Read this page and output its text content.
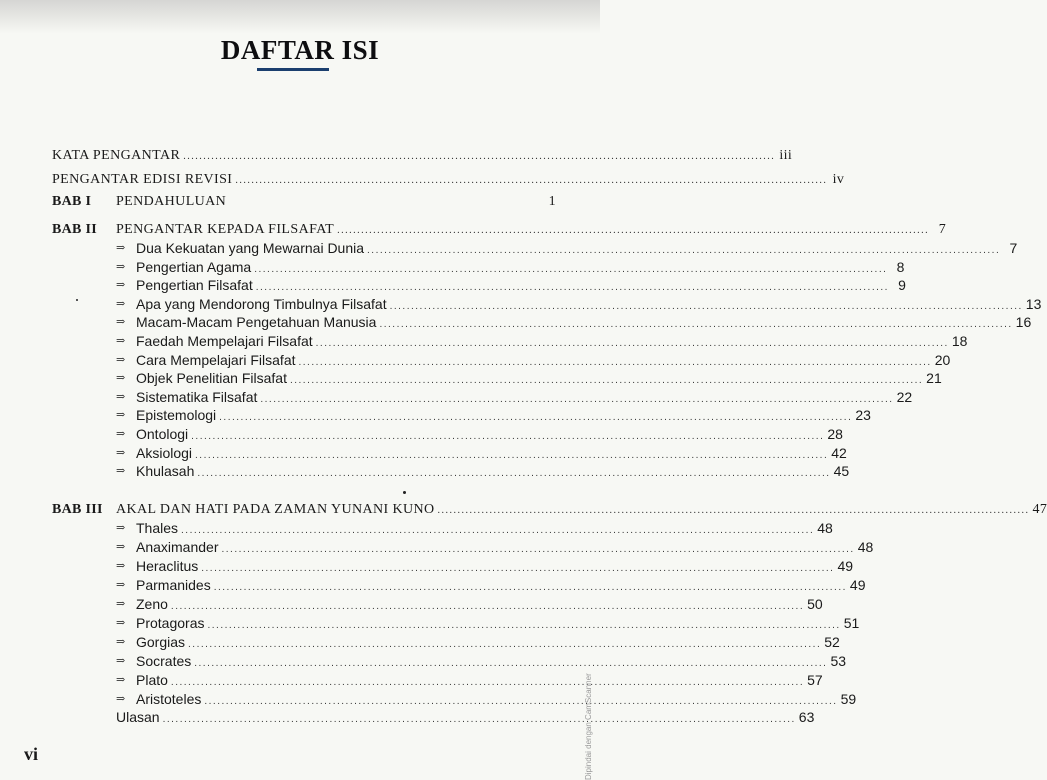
DAFTAR ISI
KATA PENGANTAR .................................................................................................................................................... iii
PENGANTAR EDISI REVISI .................................................................................................................................................... iv
BAB I PENDAHULUAN	1
BAB II PENGANTAR KEPADA FILSAFAT .................................................................................................................................................... 7
⇒ Dua Kekuatan yang Mewarnai Dunia .................................................................................................................................................... 7
⇒ Pengertian Agama .................................................................................................................................................... 8
⇒ Pengertian Filsafat .................................................................................................................................................... 9
⇒ Apa yang Mendorong Timbulnya Filsafat .................................................................................................................................................... 13
⇒ Macam-Macam Pengetahuan Manusia .................................................................................................................................................... 16
⇒ Faedah Mempelajari Filsafat .................................................................................................................................................... 18
⇒ Cara Mempelajari Filsafat .................................................................................................................................................... 20
⇒ Objek Penelitian Filsafat .................................................................................................................................................... 21
⇒ Sistematika Filsafat .................................................................................................................................................... 22
⇒ Epistemologi .................................................................................................................................................... 23
⇒ Ontologi .................................................................................................................................................... 28
⇒ Aksiologi .................................................................................................................................................... 42
⇒ Khulasah .................................................................................................................................................... 45
BAB III AKAL DAN HATI PADA ZAMAN YUNANI KUNO .................................................................................................................................................... 47
⇒ Thales .................................................................................................................................................... 48
⇒ Anaximander .................................................................................................................................................... 48
⇒ Heraclitus .................................................................................................................................................... 49
⇒ Parmanides .................................................................................................................................................... 49
⇒ Zeno .................................................................................................................................................... 50
⇒ Protagoras .................................................................................................................................................... 51
⇒ Gorgias .................................................................................................................................................... 52
⇒ Socrates .................................................................................................................................................... 53
⇒ Plato .................................................................................................................................................... 57
⇒ Aristoteles .................................................................................................................................................... 59
Ulasan .................................................................................................................................................... 63
vi	Dipindai dengan CamScanner
